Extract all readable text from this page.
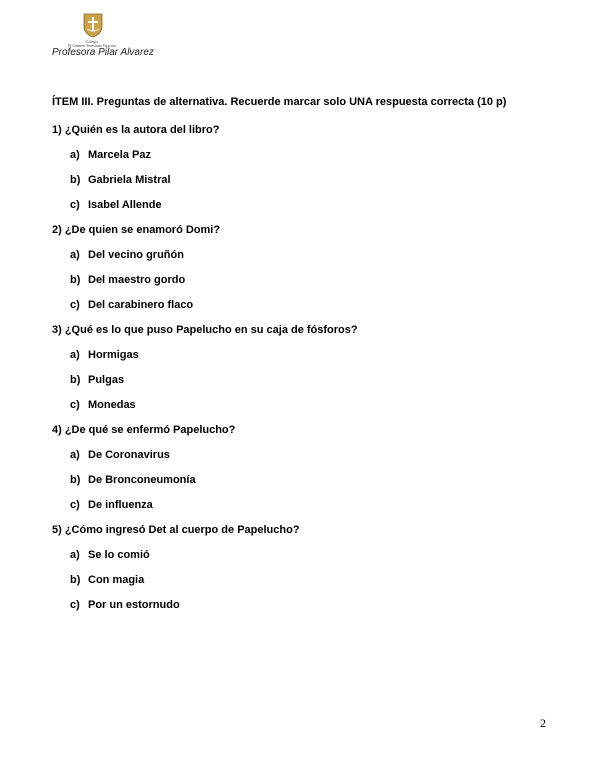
Colegio
El Carmen Teresiano Vitacura
Profesora Pilar Alvarez
ÍTEM III. Preguntas de alternativa. Recuerde marcar solo UNA respuesta correcta (10 p)
1) ¿Quién es la autora del libro?
a) Marcela Paz
b) Gabriela Mistral
c) Isabel Allende
2) ¿De quien se enamoró Domi?
a) Del vecino gruñón
b) Del maestro gordo
c) Del carabinero flaco
3) ¿Qué es lo que puso Papelucho en su caja de fósforos?
a) Hormigas
b) Pulgas
c) Monedas
4) ¿De qué se enfermó Papelucho?
a) De Coronavirus
b) De Bronconeumonía
c) De influenza
5) ¿Cómo ingresó Det al cuerpo de Papelucho?
a) Se lo comió
b) Con magia
c) Por un estornudo
2
